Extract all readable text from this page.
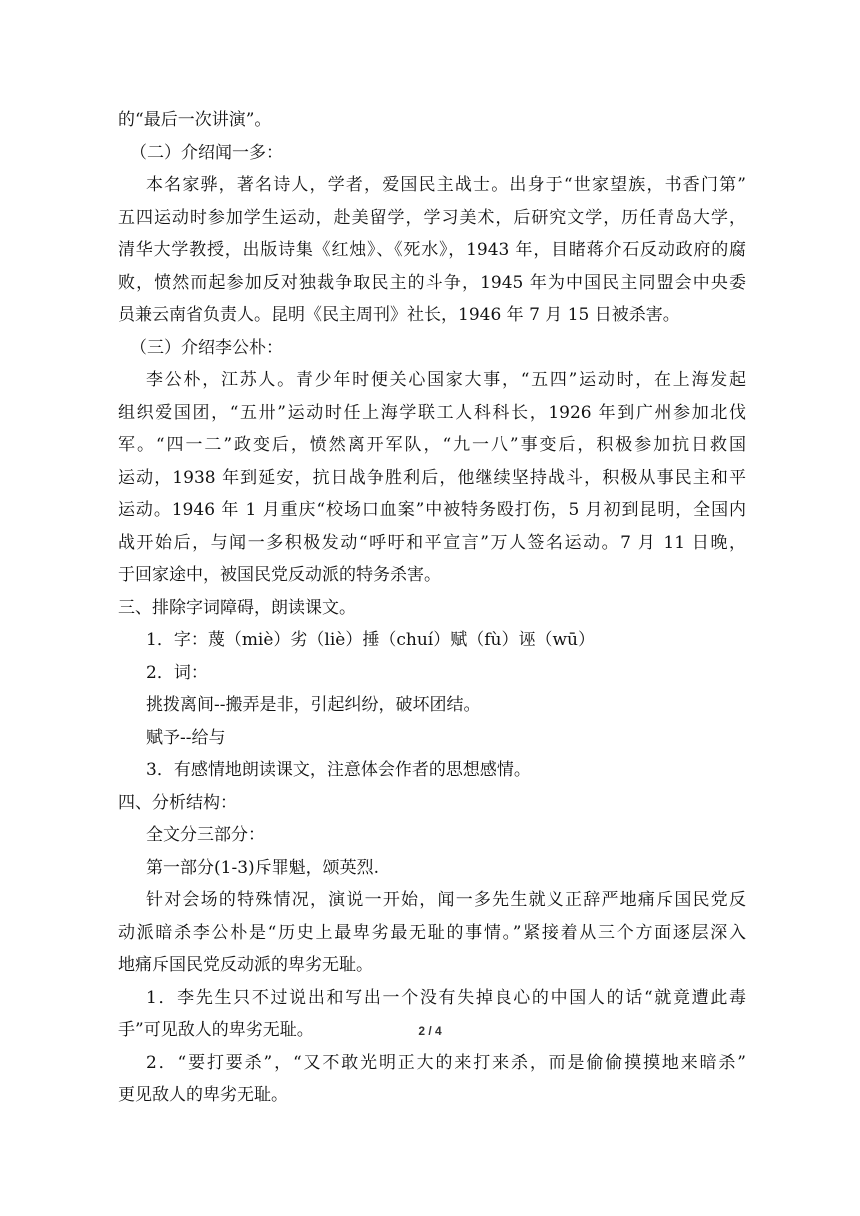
的“最后一次讲演”。
（二）介绍闻一多：
本名家骅，著名诗人，学者，爱国民主战士。出身于“世家望族，书香门第”
五四运动时参加学生运动，赴美留学，学习美术，后研究文学，历任青岛大学，
清华大学教授，出版诗集《红烛》、《死水》，1943 年，目睹蒋介石反动政府的腐
败，愤然而起参加反对独裁争取民主的斗争，1945 年为中国民主同盟会中央委
员兼云南省负责人。昆明《民主周刊》社长，1946 年 7 月 15 日被杀害。
（三）介绍李公朴：
李公朴，江苏人。青少年时便关心国家大事，“五四”运动时，在上海发起
组织爱国团，“五卅”运动时任上海学联工人科科长，1926 年到广州参加北伐
军。“四一二”政变后，愤然离开军队，“九一八”事变后，积极参加抗日救国
运动，1938 年到延安，抗日战争胜利后，他继续坚持战斗，积极从事民主和平
运动。1946 年 1 月重庆“校场口血案”中被特务殴打伤，5 月初到昆明，全国内
战开始后，与闻一多积极发动“呼吁和平宣言”万人签名运动。7 月 11 日晚，
于回家途中，被国民党反动派的特务杀害。
三、排除字词障碍，朗读课文。
1．字：蔑（miè）劣（liè）捶（chuí）赋（fù）诬（wū）
2．词：
挑拨离间--搬弄是非，引起纠纷，破坏团结。
赋予--给与
3．有感情地朗读课文，注意体会作者的思想感情。
四、分析结构：
全文分三部分：
第一部分(1-3)斥罪魁，颂英烈.
针对会场的特殊情况，演说一开始，闻一多先生就义正辞严地痛斥国民党反
动派暗杀李公朴是“历史上最卑劣最无耻的事情。”紧接着从三个方面逐层深入
地痛斥国民党反动派的卑劣无耻。
1．李先生只不过说出和写出一个没有失掉良心的中国人的话“就竟遭此毒
手”可见敌人的卑劣无耻。
2．“要打要杀”，“又不敢光明正大的来打来杀，而是偷偷摸摸地来暗杀”
更见敌人的卑劣无耻。
2 / 4
